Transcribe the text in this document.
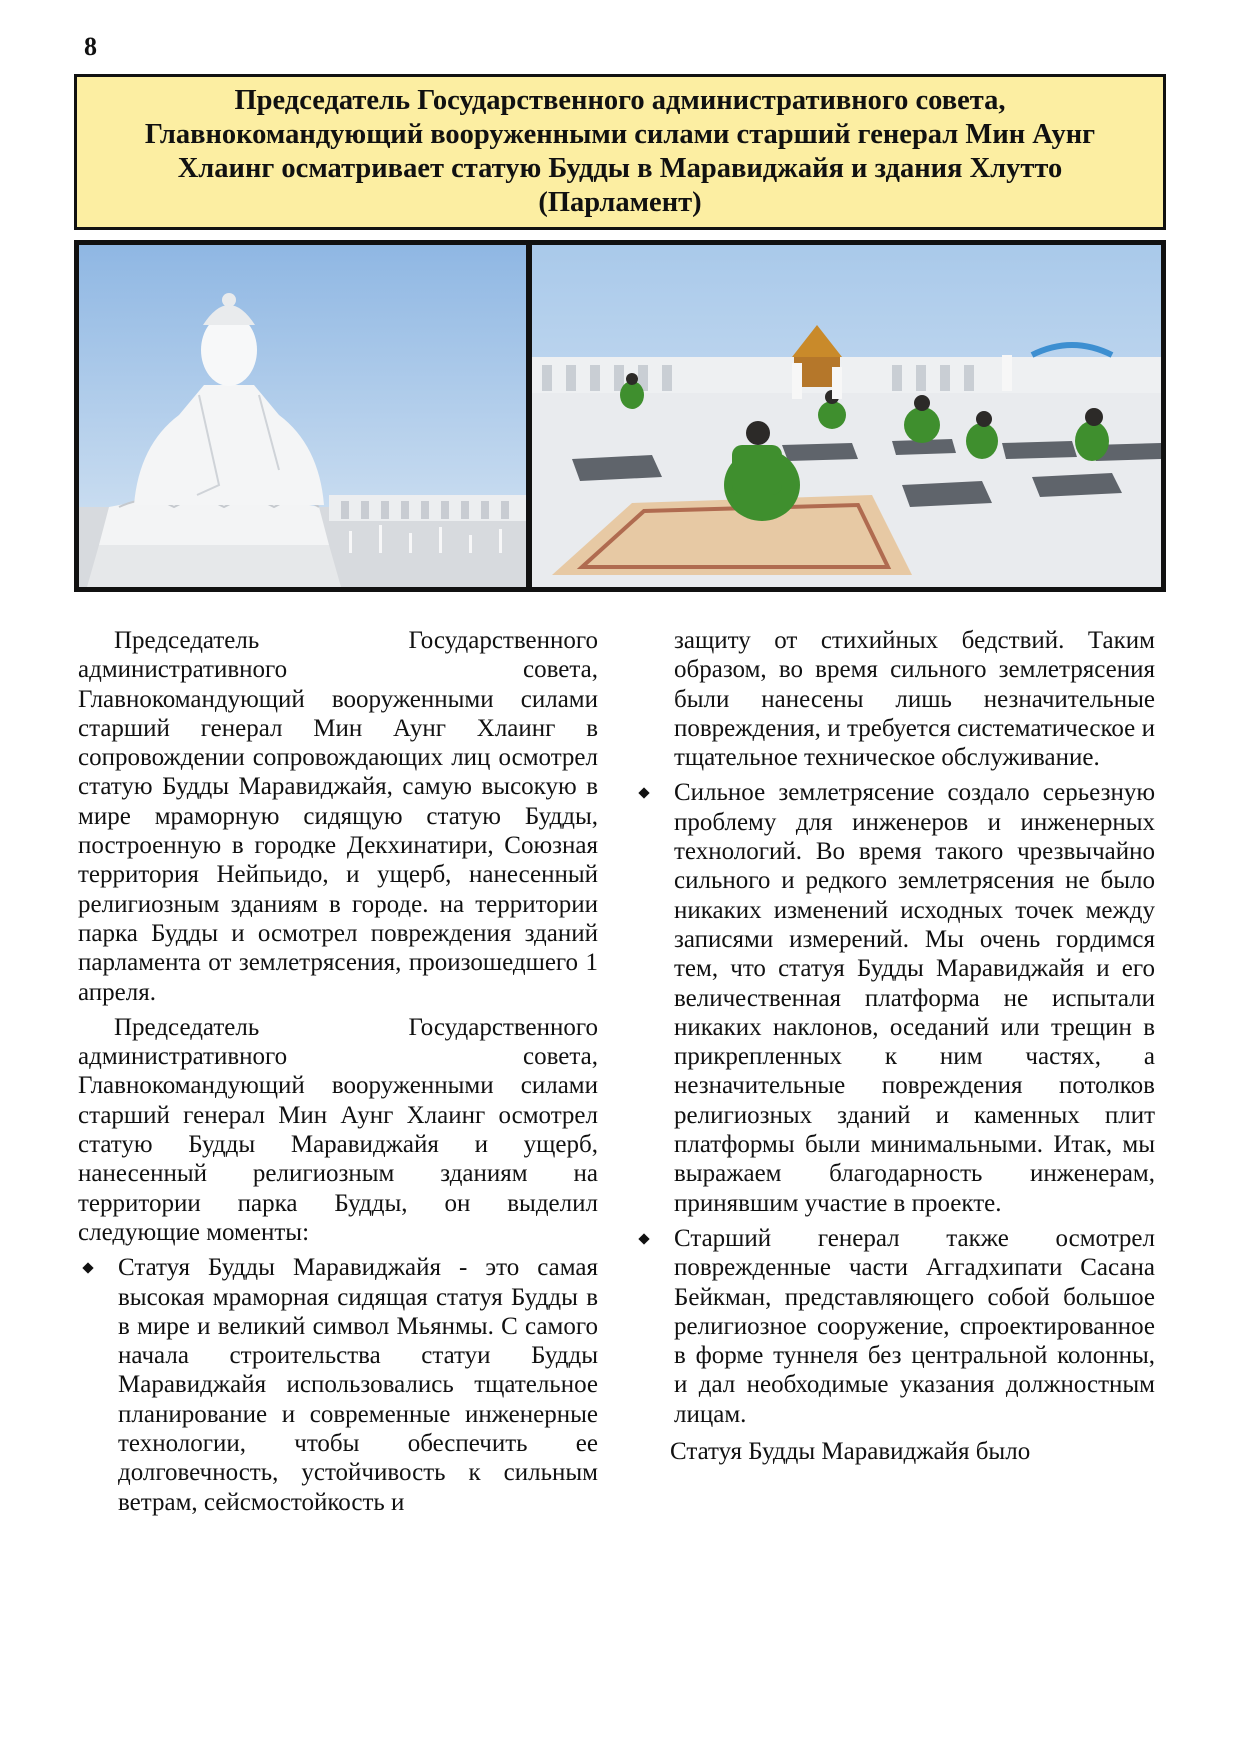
8
Председатель Государственного административного совета, Главнокомандующий вооруженными силами старший генерал Мин Аунг Хлаинг осматривает статую Будды в Маравиджайя и здания Хлутто (Парламент)

Председатель Государственного административного совета, Главнокомандующий вооруженными силами старший генерал Мин Аунг Хлаинг в сопровождении сопровождающих лиц осмотрел статую Будды Маравиджайя, самую высокую в мире мраморную сидящую статую Будды, построенную в городке Декхинатири, Союзная территория Нейпьидо, и ущерб, нанесенный религиозным зданиям в городе. на территории парка Будды и осмотрел повреждения зданий парламента от землетрясения, произошедшего 1 апреля.

Председатель Государственного административного совета, Главнокомандующий вооруженными силами старший генерал Мин Аунг Хлаинг осмотрел статую Будды Маравиджайя и ущерб, нанесенный религиозным зданиям на территории парка Будды, он выделил следующие моменты:

Статуя Будды Маравиджайя - это самая высокая мраморная сидящая статуя Будды в в мире и великий символ Мьянмы. С самого начала строительства статуи Будды Маравиджайя использовались тщательное планирование и современные инженерные технологии, чтобы обеспечить ее долговечность, устойчивость к сильным ветрам, сейсмостойкость и

защиту от стихийных бедствий. Таким образом, во время сильного землетрясения были нанесены лишь незначительные повреждения, и требуется систематическое и тщательное техническое обслуживание.

Сильное землетрясение создало серьезную проблему для инженеров и инженерных технологий. Во время такого чрезвычайно сильного и редкого землетрясения не было никаких изменений исходных точек между записями измерений. Мы очень гордимся тем, что статуя Будды Маравиджайя и его величественная платформа не испытали никаких наклонов, оседаний или трещин в прикрепленных к ним частях, а незначительные повреждения потолков религиозных зданий и каменных плит платформы были минимальными. Итак, мы выражаем благодарность инженерам, принявшим участие в проекте.
Старший генерал также осмотрел поврежденные части Аггадхипати Сасана Бейкман, представляющего собой большое религиозное сооружение, спроектированное в форме туннеля без центральной колонны, и дал необходимые указания должностным лицам.

Статуя Будды Маравиджайя было
